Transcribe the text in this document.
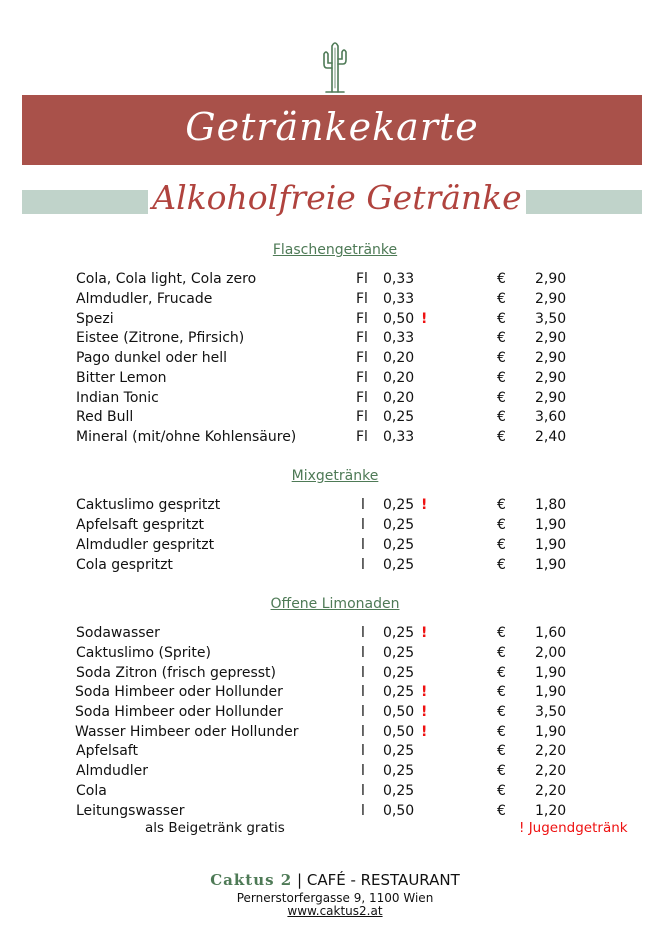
Getränkekarte
Alkoholfreie Getränke
Flaschengetränke
Cola, Cola light, Cola zero	Fl 0,33	€ 2,90
Almdudler, Frucade	Fl 0,33	€ 2,90
Spezi	Fl 0,50 !	€ 3,50
Eistee (Zitrone, Pfirsich)	Fl 0,33	€ 2,90
Pago dunkel oder hell	Fl 0,20	€ 2,90
Bitter Lemon	Fl 0,20	€ 2,90
Indian Tonic	Fl 0,20	€ 2,90
Red Bull	Fl 0,25	€ 3,60
Mineral (mit/ohne Kohlensäure)	Fl 0,33	€ 2,40
Mixgetränke
Caktuslimo gespritzt	l 0,25 !	€ 1,80
Apfelsaft gespritzt	l 0,25	€ 1,90
Almdudler gespritzt	l 0,25	€ 1,90
Cola gespritzt	l 0,25	€ 1,90
Offene Limonaden
Sodawasser	l 0,25 !	€ 1,60
Caktuslimo (Sprite)	l 0,25	€ 2,00
Soda Zitron (frisch gepresst)	l 0,25	€ 1,90
Soda Himbeer oder Hollunder	l 0,25 !	€ 1,90
Soda Himbeer oder Hollunder	l 0,50 !	€ 3,50
Wasser Himbeer oder Hollunder	l 0,50 !	€ 1,90
Apfelsaft	l 0,25	€ 2,20
Almdudler	l 0,25	€ 2,20
Cola	l 0,25	€ 2,20
Leitungswasser	l 0,50	€ 1,20
als Beigetränk gratis	! Jugendgetränk
Caktus 2 | CAFÉ - RESTAURANT
Pernerstorfergasse 9, 1100 Wien
www.caktus2.at
